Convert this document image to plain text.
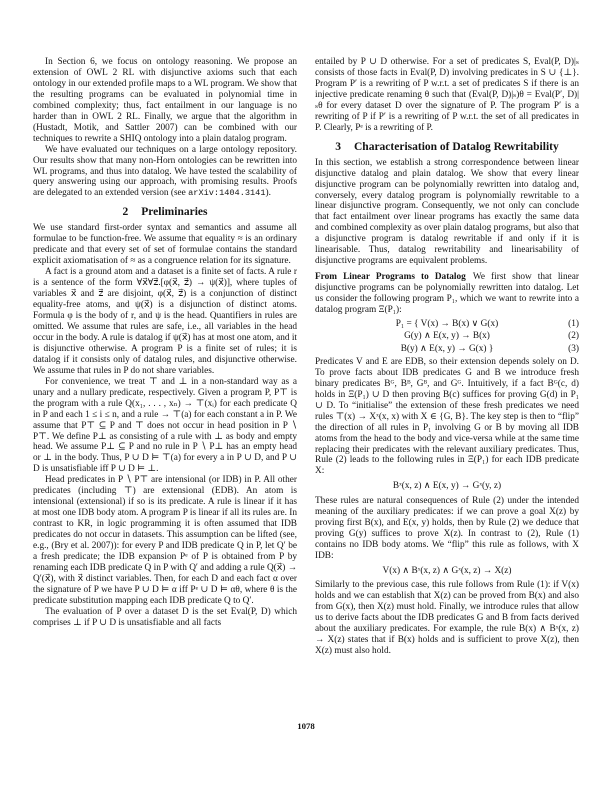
In Section 6, we focus on ontology reasoning. We propose an extension of OWL 2 RL with disjunctive axioms such that each ontology in our extended profile maps to a WL program. We show that the resulting programs can be evaluated in polynomial time in combined complexity; thus, fact entailment in our language is no harder than in OWL 2 RL. Finally, we argue that the algorithm in (Hustadt, Motik, and Sattler 2007) can be combined with our techniques to rewrite a SHIQ ontology into a plain datalog program.

We have evaluated our techniques on a large ontology repository. Our results show that many non-Horn ontologies can be rewritten into WL programs, and thus into datalog. We have tested the scalability of query answering using our approach, with promising results. Proofs are delegated to an extended version (see arXiv:1404.3141).

2 Preliminaries

We use standard first-order syntax and semantics and assume all formulae to be function-free. We assume that equality ≈ is an ordinary predicate and that every set of set of formulae contains the standard explicit axiomatisation of ≈ as a congruence relation for its signature.

A fact is a ground atom and a dataset is a finite set of facts. A rule r is a sentence of the form ∀x⃗∀z⃗.[φ(x⃗, z⃗) → ψ(x⃗)], where tuples of variables x⃗ and z⃗ are disjoint, φ(x⃗, z⃗) is a conjunction of distinct equality-free atoms, and ψ(x⃗) is a disjunction of distinct atoms. Formula φ is the body of r, and ψ is the head. Quantifiers in rules are omitted. We assume that rules are safe, i.e., all variables in the head occur in the body. A rule is datalog if ψ(x⃗) has at most one atom, and it is disjunctive otherwise. A program P is a finite set of rules; it is datalog if it consists only of datalog rules, and disjunctive otherwise. We assume that rules in P do not share variables.

For convenience, we treat ⊤ and ⊥ in a non-standard way as a unary and a nullary predicate, respectively. Given a program P, P⊤ is the program with a rule Q(x₁, . . . , xₙ) → ⊤(xᵢ) for each predicate Q in P and each 1 ≤ i ≤ n, and a rule → ⊤(a) for each constant a in P. We assume that P⊤ ⊆ P and ⊤ does not occur in head position in P ∖ P⊤. We define P⊥ as consisting of a rule with ⊥ as body and empty head. We assume P⊥ ⊆ P and no rule in P ∖ P⊥ has an empty head or ⊥ in the body. Thus, P ∪ D ⊨ ⊤(a) for every a in P ∪ D, and P ∪ D is unsatisfiable iff P ∪ D ⊨ ⊥.

Head predicates in P ∖ P⊤ are intensional (or IDB) in P. All other predicates (including ⊤) are extensional (EDB). An atom is intensional (extensional) if so is its predicate. A rule is linear if it has at most one IDB body atom. A program P is linear if all its rules are. In contrast to KR, in logic programming it is often assumed that IDB predicates do not occur in datasets. This assumption can be lifted (see, e.g., (Bry et al. 2007)): for every P and IDB predicate Q in P, let Q′ be a fresh predicate; the IDB expansion Pᵉ of P is obtained from P by renaming each IDB predicate Q in P with Q′ and adding a rule Q(x⃗) → Q′(x⃗), with x⃗ distinct variables. Then, for each D and each fact α over the signature of P we have P ∪ D ⊨ α iff Pᵉ ∪ D ⊨ αθ, where θ is the predicate substitution mapping each IDB predicate Q to Q′.

The evaluation of P over a dataset D is the set Eval(P, D) which comprises ⊥ if P ∪ D is unsatisfiable and all facts

entailed by P ∪ D otherwise. For a set of predicates S, Eval(P, D)|ₛ consists of those facts in Eval(P, D) involving predicates in S ∪ {⊥}. Program P′ is a rewriting of P w.r.t. a set of predicates S if there is an injective predicate renaming θ such that (Eval(P, D)|ₛ)θ = Eval(P′, D)|ₛθ for every dataset D over the signature of P. The program P′ is a rewriting of P if P′ is a rewriting of P w.r.t. the set of all predicates in P. Clearly, Pᵉ is a rewriting of P.

3 Characterisation of Datalog Rewritability

In this section, we establish a strong correspondence between linear disjunctive datalog and plain datalog. We show that every linear disjunctive program can be polynomially rewritten into datalog and, conversely, every datalog program is polynomially rewritable to a linear disjunctive program. Consequently, we not only can conclude that fact entailment over linear programs has exactly the same data and combined complexity as over plain datalog programs, but also that a disjunctive program is datalog rewritable if and only if it is linearisable. Thus, datalog rewritability and linearisability of disjunctive programs are equivalent problems.

From Linear Programs to Datalog We first show that linear disjunctive programs can be polynomially rewritten into datalog. Let us consider the following program P₁, which we want to rewrite into a datalog program Ξ(P₁):

P₁ = { V(x) → B(x) ∨ G(x)	(1)
G(y) ∧ E(x, y) → B(x)	(2)
B(y) ∧ E(x, y) → G(x) }	(3)

Predicates V and E are EDB, so their extension depends solely on D. To prove facts about IDB predicates G and B we introduce fresh binary predicates Bᴳ, Bᴮ, Gᴮ, and Gᴳ. Intuitively, if a fact Bᴳ(c, d) holds in Ξ(P₁) ∪ D then proving B(c) suffices for proving G(d) in P₁ ∪ D. To “initialise” the extension of these fresh predicates we need rules ⊤(x) → Xˣ(x, x) with X ∈ {G, B}. The key step is then to “flip” the direction of all rules in P₁ involving G or B by moving all IDB atoms from the head to the body and vice-versa while at the same time replacing their predicates with the relevant auxiliary predicates. Thus, Rule (2) leads to the following rules in Ξ(P₁) for each IDB predicate X:

Bˣ(x, z) ∧ E(x, y) → Gˣ(y, z)

These rules are natural consequences of Rule (2) under the intended meaning of the auxiliary predicates: if we can prove a goal X(z) by proving first B(x), and E(x, y) holds, then by Rule (2) we deduce that proving G(y) suffices to prove X(z). In contrast to (2), Rule (1) contains no IDB body atoms. We “flip” this rule as follows, with X IDB:

V(x) ∧ Bˣ(x, z) ∧ Gˣ(x, z) → X(z)

Similarly to the previous case, this rule follows from Rule (1): if V(x) holds and we can establish that X(z) can be proved from B(x) and also from G(x), then X(z) must hold. Finally, we introduce rules that allow us to derive facts about the IDB predicates G and B from facts derived about the auxiliary predicates. For example, the rule B(x) ∧ Bˣ(x, z) → X(z) states that if B(x) holds and is sufficient to prove X(z), then X(z) must also hold.

1078
